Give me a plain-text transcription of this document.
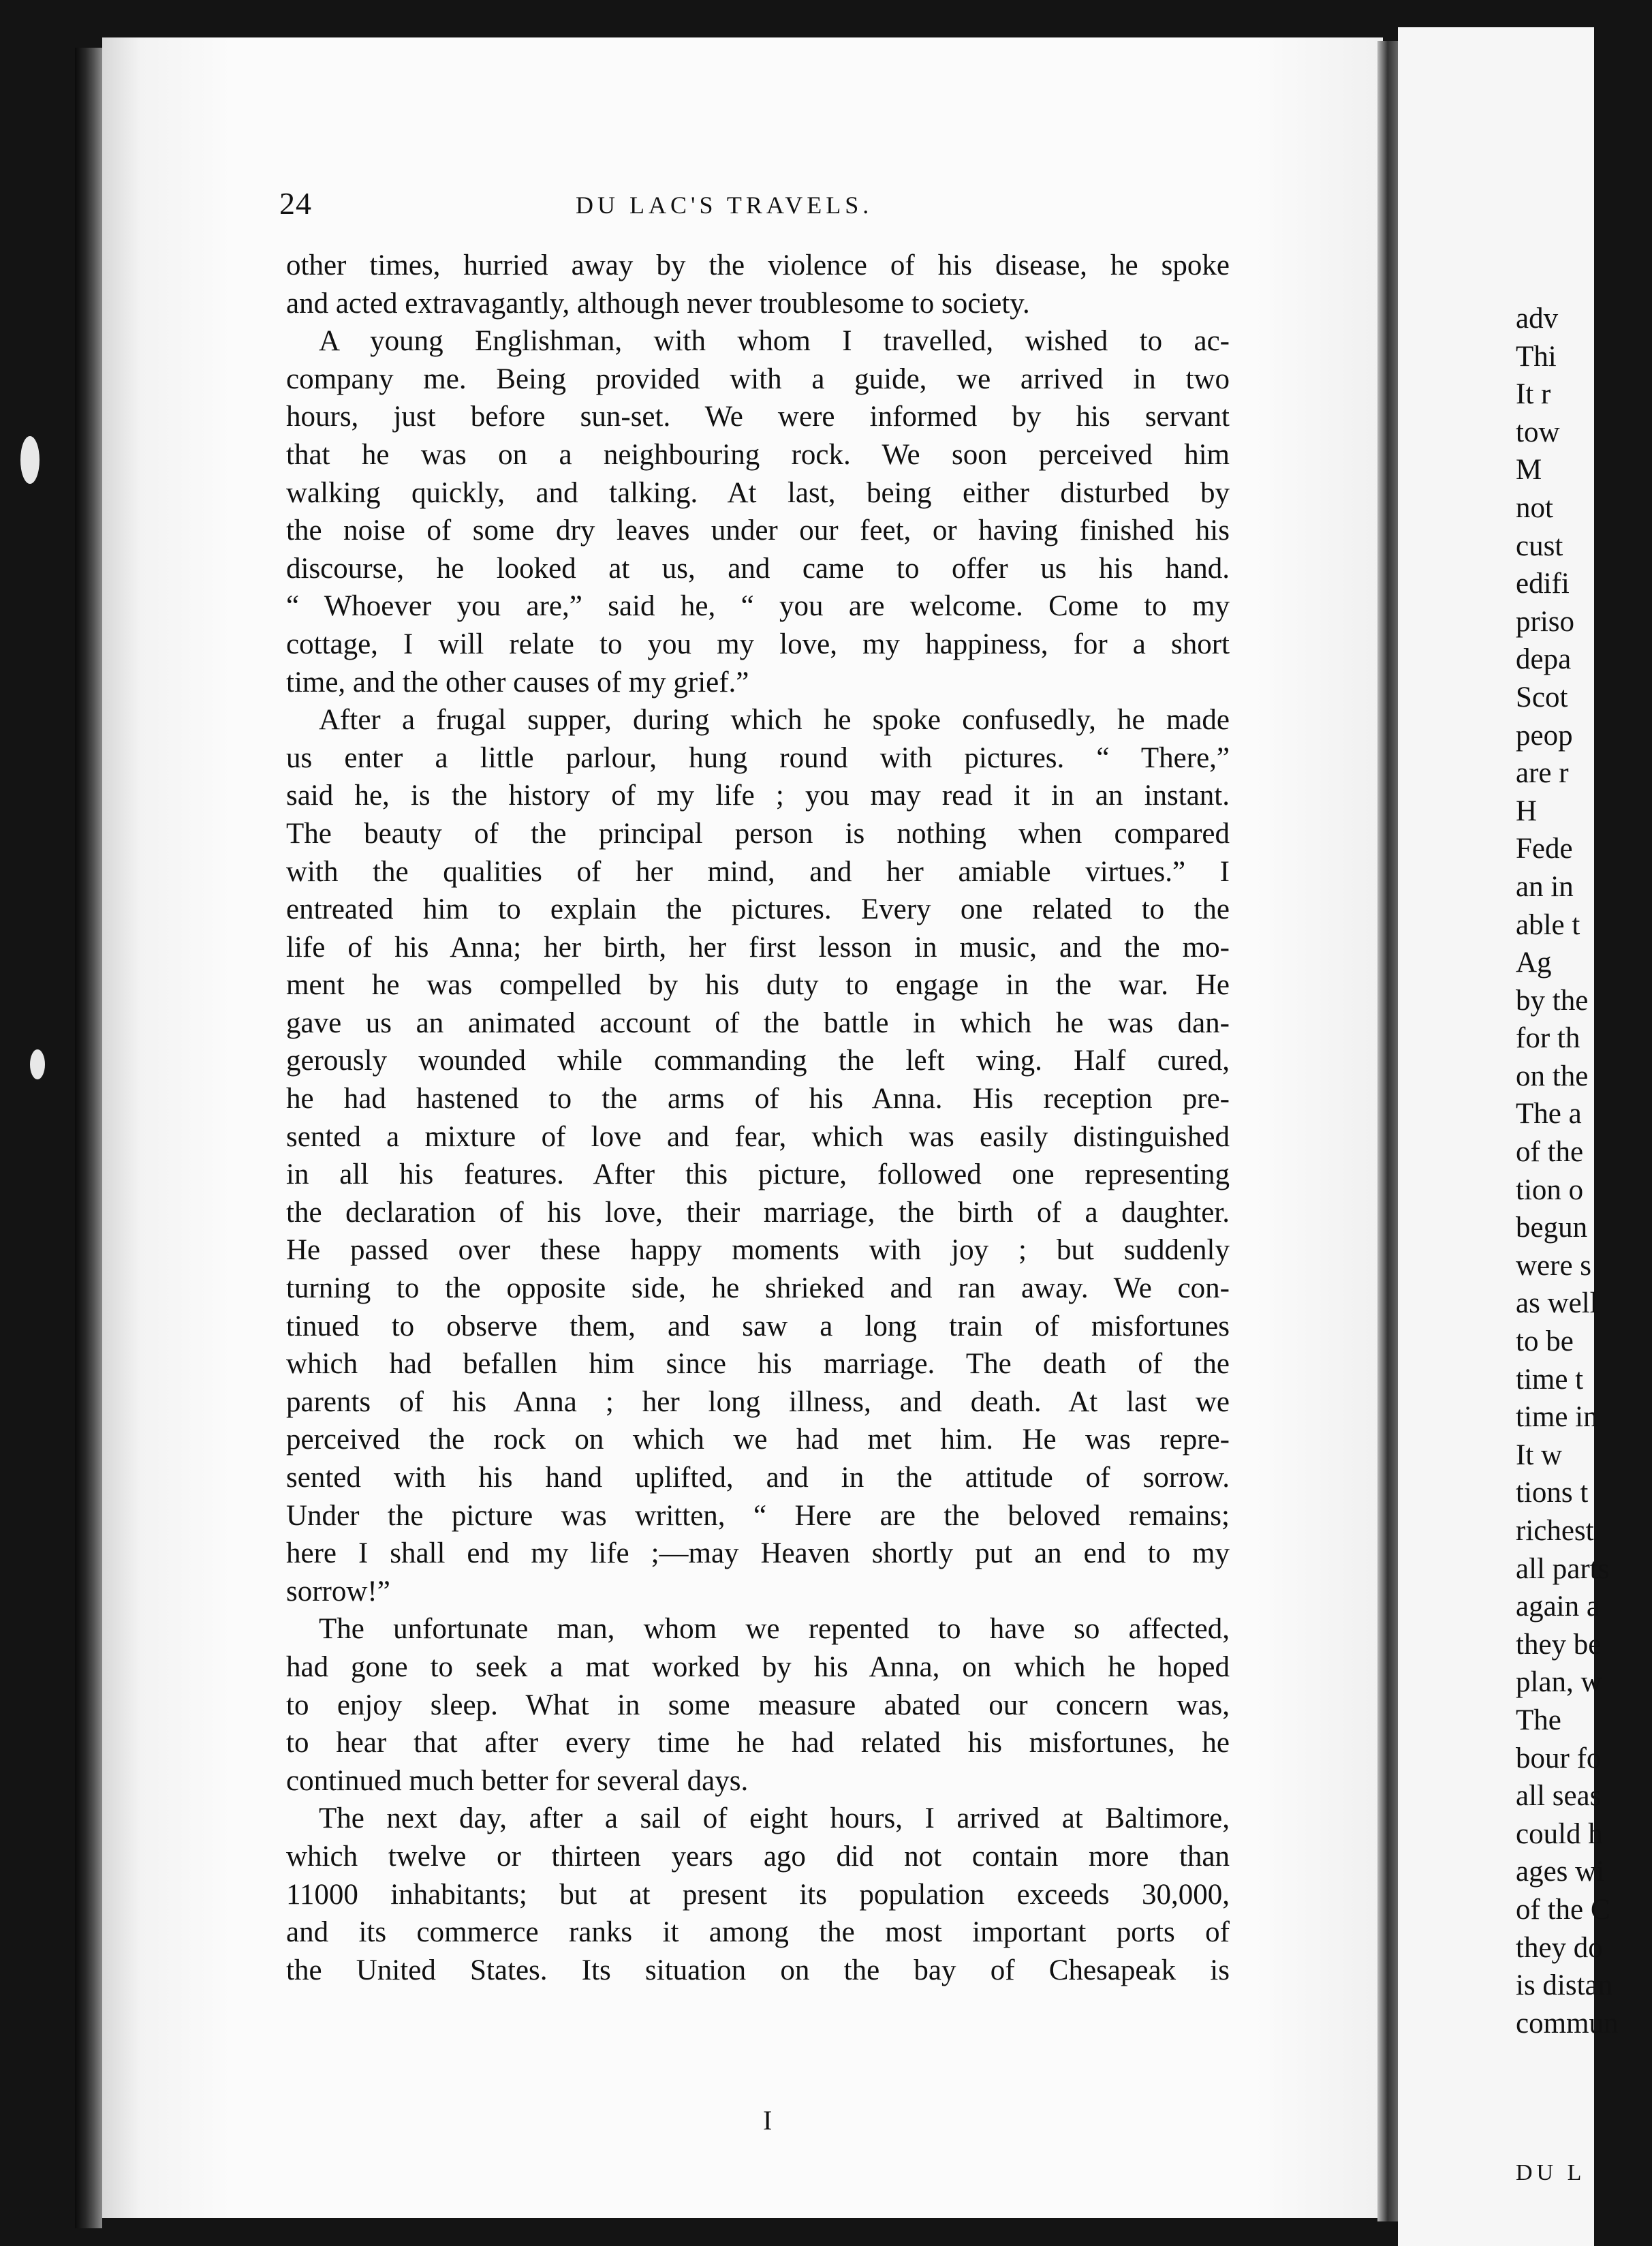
24	DU LAC'S TRAVELS.
other times, hurried away by the violence of his disease, he spoke
and acted extravagantly, although never troublesome to society.
A young Englishman, with whom I travelled, wished to ac-
company me. Being provided with a guide, we arrived in two
hours, just before sun-set. We were informed by his servant
that he was on a neighbouring rock. We soon perceived him
walking quickly, and talking. At last, being either disturbed by
the noise of some dry leaves under our feet, or having finished his
discourse, he looked at us, and came to offer us his hand.
“ Whoever you are,” said he, “ you are welcome. Come to my
cottage, I will relate to you my love, my happiness, for a short
time, and the other causes of my grief.”
After a frugal supper, during which he spoke confusedly, he made
us enter a little parlour, hung round with pictures. “ There,”
said he, is the history of my life ; you may read it in an instant.
The beauty of the principal person is nothing when compared
with the qualities of her mind, and her amiable virtues.” I
entreated him to explain the pictures. Every one related to the
life of his Anna; her birth, her first lesson in music, and the mo-
ment he was compelled by his duty to engage in the war. He
gave us an animated account of the battle in which he was dan-
gerously wounded while commanding the left wing. Half cured,
he had hastened to the arms of his Anna. His reception pre-
sented a mixture of love and fear, which was easily distinguished
in all his features. After this picture, followed one representing
the declaration of his love, their marriage, the birth of a daughter.
He passed over these happy moments with joy ; but suddenly
turning to the opposite side, he shrieked and ran away. We con-
tinued to observe them, and saw a long train of misfortunes
which had befallen him since his marriage. The death of the
parents of his Anna ; her long illness, and death. At last we
perceived the rock on which we had met him. He was repre-
sented with his hand uplifted, and in the attitude of sorrow.
Under the picture was written, “ Here are the beloved remains;
here I shall end my life ;—may Heaven shortly put an end to my
sorrow!”
The unfortunate man, whom we repented to have so affected,
had gone to seek a mat worked by his Anna, on which he hoped
to enjoy sleep. What in some measure abated our concern was,
to hear that after every time he had related his misfortunes, he
continued much better for several days.
The next day, after a sail of eight hours, I arrived at Baltimore,
which twelve or thirteen years ago did not contain more than
11000 inhabitants; but at present its population exceeds 30,000,
and its commerce ranks it among the most important ports of
the United States. Its situation on the bay of Chesapeak is
I
adv
Thi
It r
tow
M
not
cust
edifi
priso
depa
Scot
peop
are r
H
Fede
an in
able t
Ag
by the
for th
on the
The a
of the
tion o
begun
were s
as well
to be
time t
time in
It w
tions t
richest
all parts
again a
they be
plan, w
The
bour fo
all seas
could h
ages wi
of the C
they do
is distan
commun
DU L
